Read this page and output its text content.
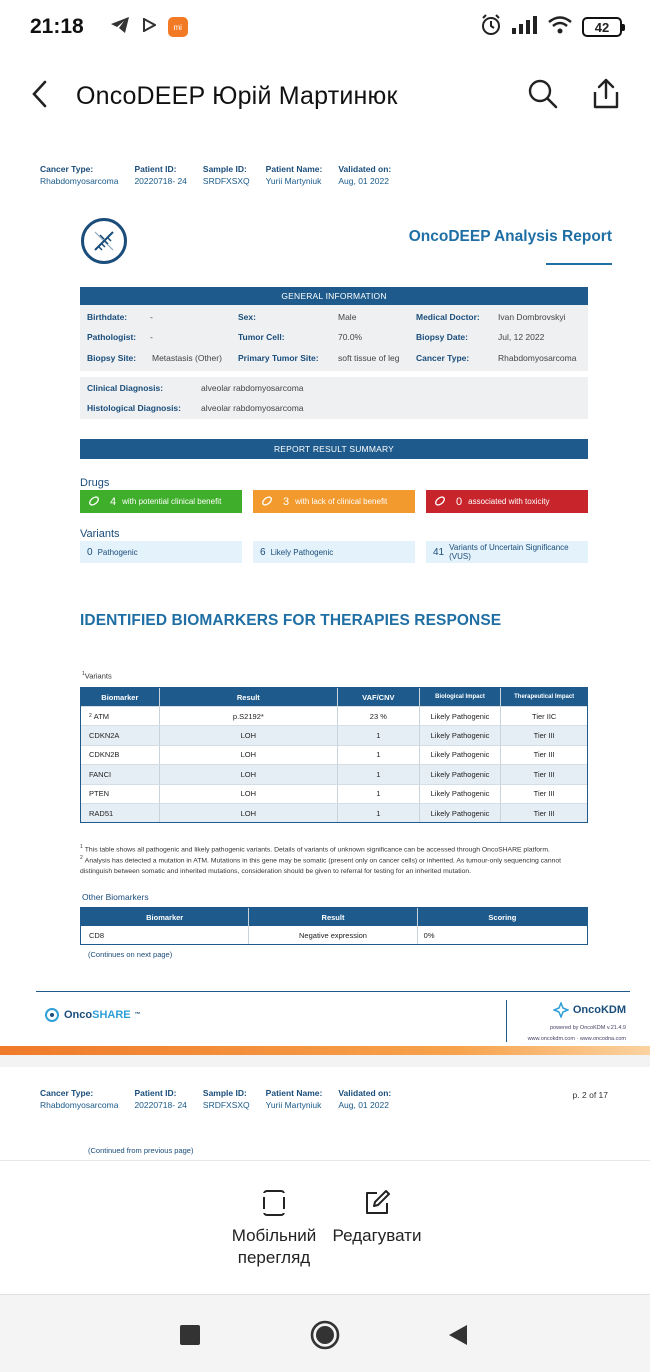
21:18	mi	42
OncoDEEP Юрій Мартинюк
Cancer Type:
Rhabdomyosarcoma
Patient ID:
20220718- 24
Sample ID:
SRDFXSXQ
Patient Name:
Yurii Martyniuk
Validated on:
Aug, 01 2022
OncoDEEP Analysis Report
GENERAL INFORMATION
Birthdate:	-	Sex:	Male	Medical Doctor: Ivan Dombrovskyi
Pathologist: -	Tumor Cell:	70.0%	Biopsy Date:	Jul, 12 2022
Biopsy Site: Metastasis (Other) Primary Tumor Site: soft tissue of leg Cancer Type:	Rhabdomyosarcoma
Clinical Diagnosis:	alveolar rabdomyosarcoma
Histological Diagnosis: alveolar rabdomyosarcoma
REPORT RESULT SUMMARY
Drugs
4 with potential clinical benefit	3 with lack of clinical benefit	0 associated with toxicity
Variants
0 Pathogenic	6 Likely Pathogenic	41 Variants of Uncertain Significance (VUS)
IDENTIFIED BIOMARKERS FOR THERAPIES RESPONSE
$^1$Variants
Biomarker	Result	VAF/CNV	Biological Impact	Therapeutical Impact
2 ATM	p.S2192*	23 %	Likely Pathogenic	Tier IIC
CDKN2A	LOH	1	Likely Pathogenic	Tier III
CDKN2B	LOH	1	Likely Pathogenic	Tier III
FANCI	LOH	1	Likely Pathogenic	Tier III
PTEN	LOH	1	Likely Pathogenic	Tier III
RAD51	LOH	1	Likely Pathogenic	Tier III
$^1$ This table shows all pathogenic and likely pathogenic variants. Details of variants of unknown significance can be accessed through OncoSHARE platform.
$^2$ Analysis has detected a mutation in ATM. Mutations in this gene may be somatic (present only on cancer cells) or inherited. As tumour-only sequencing cannot distinguish between somatic and inherited mutations, consideration should be given to referral for testing for an inherited mutation.
Other Biomarkers
Biomarker	Result	Scoring
CD8	Negative expression	0%
(Continues on next page)
Onco SHARE ™	OncoKDM
powered by OncoKDM v.21.4.9
www.oncokdm.com · www.oncodna.com
Cancer Type:
Rhabdomyosarcoma
Patient ID:
20220718- 24
Sample ID:
SRDFXSXQ
Patient Name:
Yurii Martyniuk
Validated on:
Aug, 01 2022
p. 2 of 17
(Continued from previous page)
Мобільний
перегляд
Редагувати
